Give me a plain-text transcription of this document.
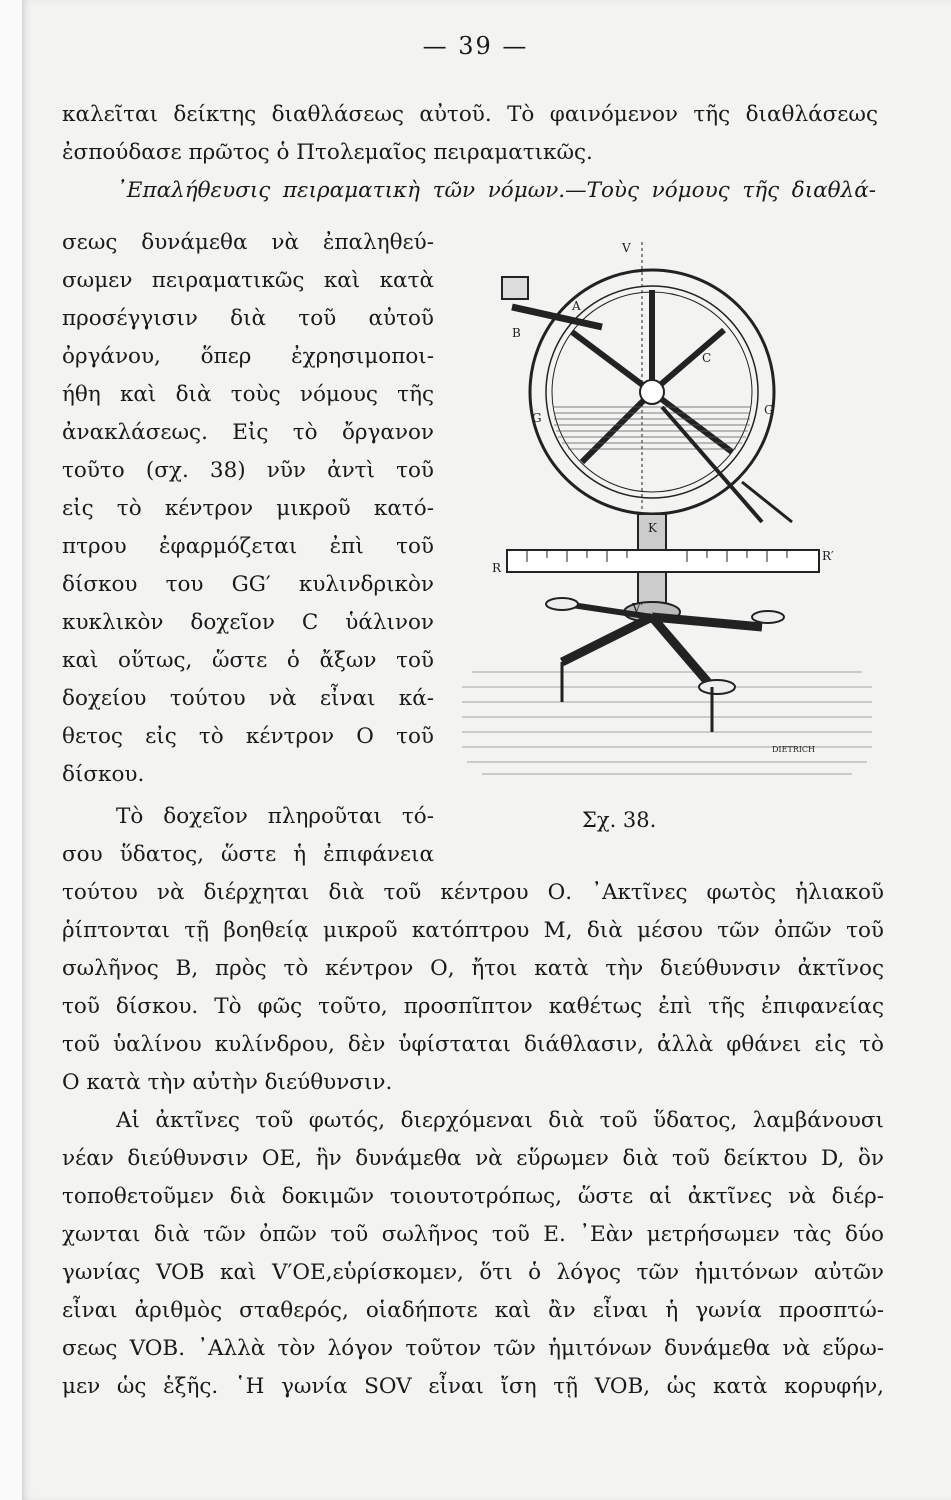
— 39 —
καλεῖται δείκτης διαθλάσεως αὐτοῦ. Τὸ φαινόμενον τῆς διαθλάσεως
ἐσπούδασε πρῶτος ὁ Πτολεμαῖος πειραματικῶς.
᾿Επαλήθευσις πειραματικὴ τῶν νόμων.—Τοὺς νόμους τῆς διαθλά-
σεως δυνάμεθα νὰ ἐπαληθεύ-
σωμεν πειραματικῶς καὶ κατὰ
προσέγγισιν διὰ τοῦ αὐτοῦ
ὀργάνου, ὅπερ ἐχρησιμοποι-
ήθη καὶ διὰ τοὺς νόμους τῆς
ἀνακλάσεως. Εἰς τὸ ὄργανον
τοῦτο (σχ. 38) νῦν ἀντὶ τοῦ
εἰς τὸ κέντρον μικροῦ κατό-
πτρου ἐφαρμόζεται ἐπὶ τοῦ
δίσκου του GG′ κυλινδρικὸν
κυκλικὸν δοχεῖον C ὑάλινον
καὶ οὕτως, ὥστε ὁ ἄξων τοῦ
δοχείου τούτου νὰ εἶναι κά-
θετος εἰς τὸ κέντρον Ο τοῦ
δίσκου.
Τὸ δοχεῖον πληροῦται τό-
σου ὕδατος, ὥστε ἡ ἐπιφάνεια
τούτου νὰ διέρχηται διὰ τοῦ κέντρου Ο. ᾿Ακτῖνες φωτὸς ἡλιακοῦ
ῥίπτονται τῇ βοηθείᾳ μικροῦ κατόπτρου Μ, διὰ μέσου τῶν ὀπῶν τοῦ
σωλῆνος Β, πρὸς τὸ κέντρον Ο, ἤτοι κατὰ τὴν διεύθυνσιν ἀκτῖνος
τοῦ δίσκου. Τὸ φῶς τοῦτο, προσπῖπτον καθέτως ἐπὶ τῆς ἐπιφανείας
τοῦ ὑαλίνου κυλίνδρου, δὲν ὑφίσταται διάθλασιν, ἀλλὰ φθάνει εἰς τὸ
Ο κατὰ τὴν αὐτὴν διεύθυνσιν.
Αἱ ἀκτῖνες τοῦ φωτός, διερχόμεναι διὰ τοῦ ὕδατος, λαμβάνουσι
νέαν διεύθυνσιν ΟΕ, ἣν δυνάμεθα νὰ εὕρωμεν διὰ τοῦ δείκτου D, ὃν
τοποθετοῦμεν διὰ δοκιμῶν τοιουτοτρόπως, ὥστε αἱ ἀκτῖνες νὰ διέρ-
χωνται διὰ τῶν ὀπῶν τοῦ σωλῆνος τοῦ Ε. ᾿Εὰν μετρήσωμεν τὰς δύο
γωνίας VOB καὶ V′OE,εὑρίσκομεν, ὅτι ὁ λόγος τῶν ἡμιτόνων αὐτῶν
εἶναι ἀριθμὸς σταθερός, οἱαδήποτε καὶ ἂν εἶναι ἡ γωνία προσπτώ-
σεως VOB. ᾿Αλλὰ τὸν λόγον τοῦτον τῶν ἡμιτόνων δυνάμεθα νὰ εὕρω-
μεν ὡς ἑξῆς. ῾Η γωνία SOV εἶναι ἴση τῇ VOB, ὡς κατὰ κορυφήν,
V
A
B
C
G
G
K
R
R′
V′
DIETRICH
Σχ. 38.
